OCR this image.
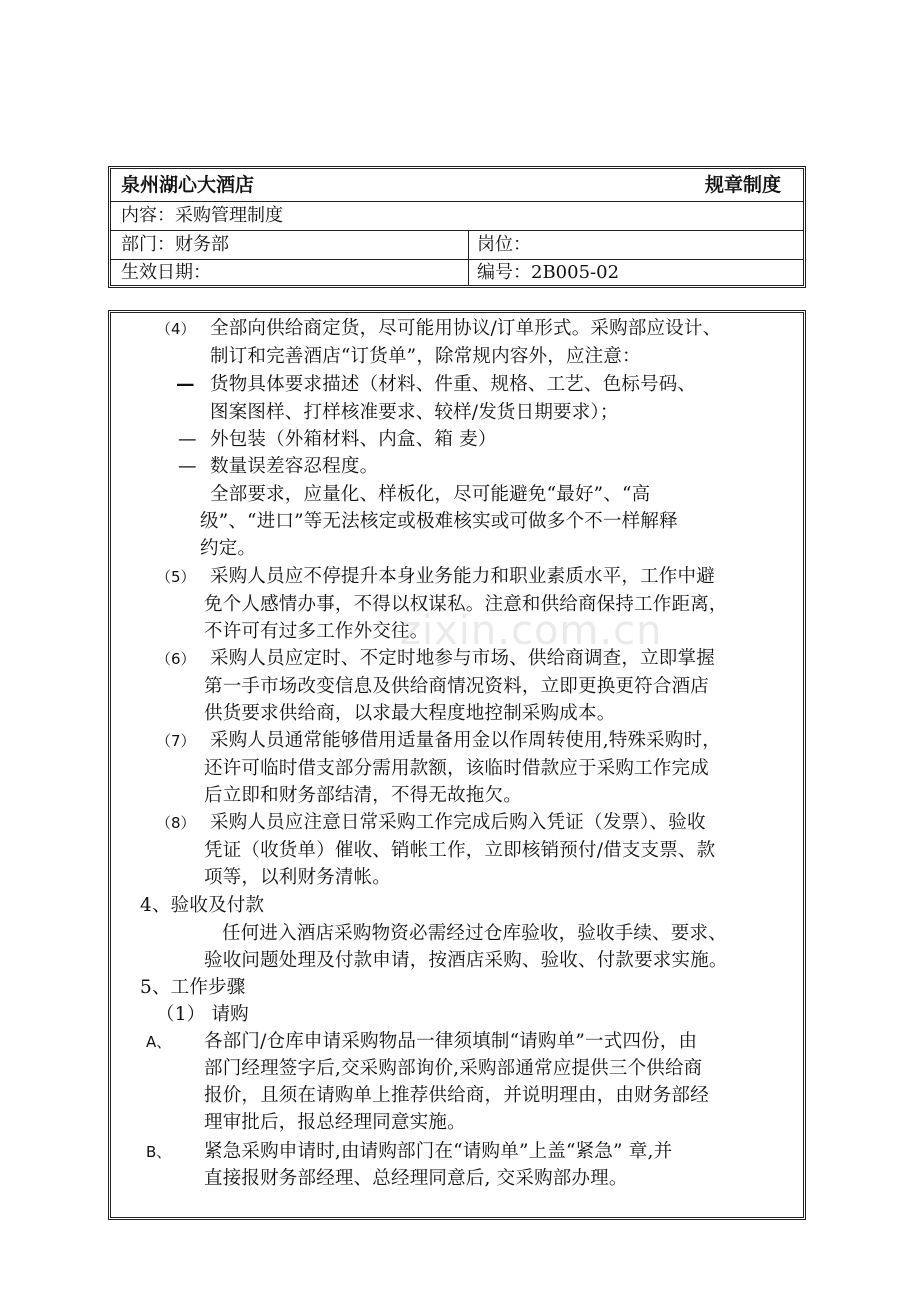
泉州湖心大酒店	规章制度
内容：采购管理制度
部门：财务部	岗位：
生效日期：	编号：2B005-02
（4） 全部向供给商定货，尽可能用协议/订单形式。采购部应设计、
制订和完善酒店“订货单”，除常规内容外，应注意：
— 货物具体要求描述（材料、件重、规格、工艺、色标号码、
图案图样、打样核准要求、较样/发货日期要求）；
— 外包装（外箱材料、内盒、箱 麦）
— 数量误差容忍程度。
全部要求，应量化、样板化，尽可能避免“最好”、“高
级”、“进口”等无法核定或极难核实或可做多个不一样解释
约定。
（5） 采购人员应不停提升本身业务能力和职业素质水平，工作中避
免个人感情办事，不得以权谋私。注意和供给商保持工作距离，
不许可有过多工作外交往。
（6） 采购人员应定时、不定时地参与市场、供给商调查，立即掌握
第一手市场改变信息及供给商情况资料，立即更换更符合酒店
供货要求供给商，以求最大程度地控制采购成本。
（7） 采购人员通常能够借用适量备用金以作周转使用,特殊采购时，
还许可临时借支部分需用款额，该临时借款应于采购工作完成
后立即和财务部结清，不得无故拖欠。
（8） 采购人员应注意日常采购工作完成后购入凭证（发票）、验收
凭证（收货单）催收、销帐工作，立即核销预付/借支支票、款
项等，以利财务清帐。
4、验收及付款
任何进入酒店采购物资必需经过仓库验收，验收手续、要求、
验收问题处理及付款申请，按酒店采购、验收、付款要求实施。
5、工作步骤
（1） 请购
A、 各部门/仓库申请采购物品一律须填制“请购单”一式四份，由
部门经理签字后,交采购部询价,采购部通常应提供三个供给商
报价，且须在请购单上推荐供给商，并说明理由，由财务部经
理审批后，报总经理同意实施。
B、 紧急采购申请时,由请购部门在“请购单”上盖“紧急” 章,并
直接报财务部经理、总经理同意后, 交采购部办理。
zixin.com.cn
